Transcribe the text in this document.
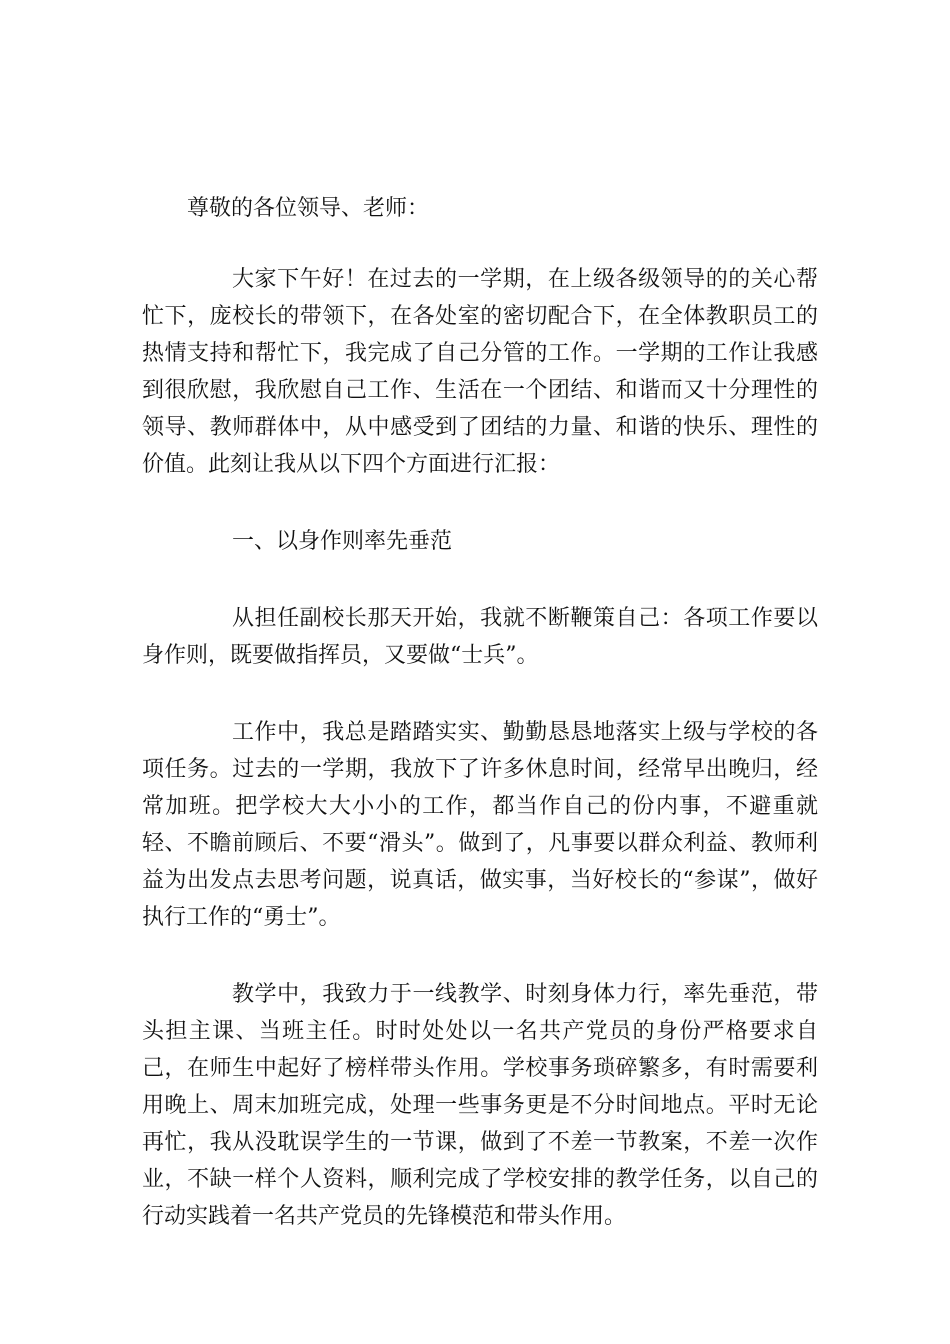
尊敬的各位领导、老师：

大家下午好！在过去的一学期，在上级各级领导的的关心帮忙下，庞校长的带领下，在各处室的密切配合下，在全体教职员工的热情支持和帮忙下，我完成了自己分管的工作。一学期的工作让我感到很欣慰，我欣慰自己工作、生活在一个团结、和谐而又十分理性的领导、教师群体中，从中感受到了团结的力量、和谐的快乐、理性的价值。此刻让我从以下四个方面进行汇报：

一、以身作则率先垂范

从担任副校长那天开始，我就不断鞭策自己：各项工作要以身作则，既要做指挥员，又要做“士兵”。

工作中，我总是踏踏实实、勤勤恳恳地落实上级与学校的各项任务。过去的一学期，我放下了许多休息时间，经常早出晚归，经常加班。把学校大大小小的工作，都当作自己的份内事，不避重就轻、不瞻前顾后、不要“滑头”。做到了，凡事要以群众利益、教师利益为出发点去思考问题，说真话，做实事，当好校长的“参谋”，做好执行工作的“勇士”。

教学中，我致力于一线教学、时刻身体力行，率先垂范，带头担主课、当班主任。时时处处以一名共产党员的身份严格要求自己，在师生中起好了榜样带头作用。学校事务琐碎繁多，有时需要利用晚上、周末加班完成，处理一些事务更是不分时间地点。平时无论再忙，我从没耽误学生的一节课，做到了不差一节教案，不差一次作业，不缺一样个人资料，顺利完成了学校安排的教学任务，以自己的行动实践着一名共产党员的先锋模范和带头作用。
